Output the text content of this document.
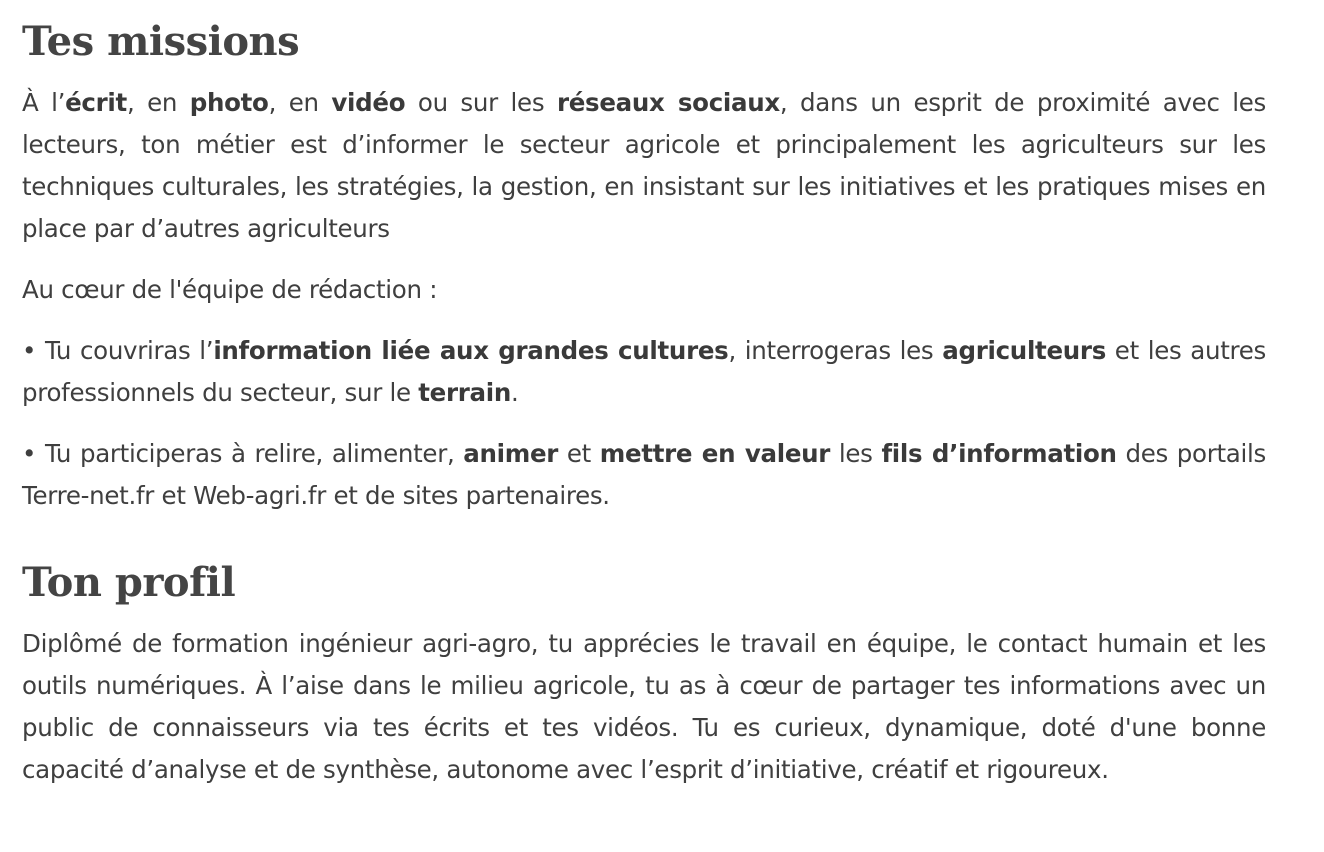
Tes missions

À l’écrit, en photo, en vidéo ou sur les réseaux sociaux, dans un esprit de proximité avec les lecteurs, ton métier est d’informer le secteur agricole et principalement les agriculteurs sur les techniques culturales, les stratégies, la gestion, en insistant sur les initiatives et les pratiques mises en place par d’autres agriculteurs

Au cœur de l'équipe de rédaction :

• Tu couvriras l’information liée aux grandes cultures, interrogeras les agriculteurs et les autres professionnels du secteur, sur le terrain.

• Tu participeras à relire, alimenter, animer et mettre en valeur les fils d’information des portails Terre-net.fr et Web-agri.fr et de sites partenaires.

Ton profil

Diplômé de formation ingénieur agri-agro, tu apprécies le travail en équipe, le contact humain et les outils numériques. À l’aise dans le milieu agricole, tu as à cœur de partager tes informations avec un public de connaisseurs via tes écrits et tes vidéos. Tu es curieux, dynamique, doté d'une bonne capacité d’analyse et de synthèse, autonome avec l’esprit d’initiative, créatif et rigoureux.
